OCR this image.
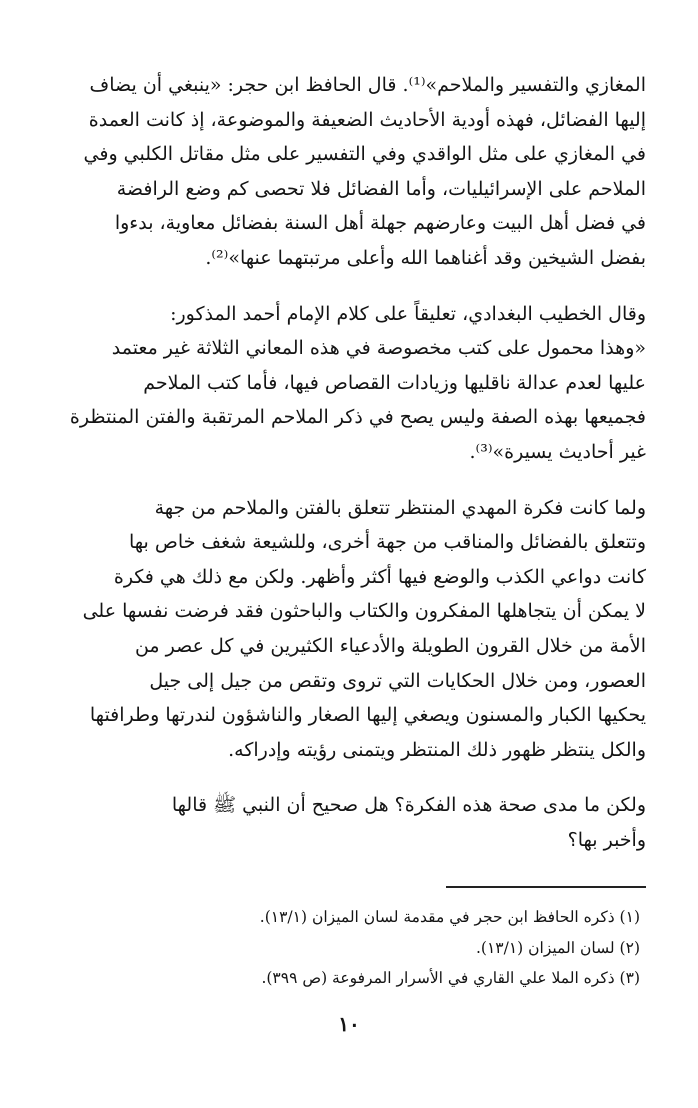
المغازي والتفسير والملاحم»⁽¹⁾. قال الحافظ ابن حجر: «ينبغي أن يضاف
إليها الفضائل، فهذه أودية الأحاديث الضعيفة والموضوعة، إذ كانت العمدة
في المغازي على مثل الواقدي وفي التفسير على مثل مقاتل الكلبي وفي
الملاحم على الإسرائيليات، وأما الفضائل فلا تحصى كم وضع الرافضة
في فضل أهل البيت وعارضهم جهلة أهل السنة بفضائل معاوية، بدءوا
بفضل الشيخين وقد أغناهما الله وأعلى مرتبتهما عنها»⁽²⁾.

وقال الخطيب البغدادي، تعليقاً على كلام الإمام أحمد المذكور:
«وهذا محمول على كتب مخصوصة في هذه المعاني الثلاثة غير معتمد
عليها لعدم عدالة ناقليها وزيادات القصاص فيها، فأما كتب الملاحم
فجميعها بهذه الصفة وليس يصح في ذكر الملاحم المرتقبة والفتن المنتظرة
غير أحاديث يسيرة»⁽³⁾.

ولما كانت فكرة المهدي المنتظر تتعلق بالفتن والملاحم من جهة
وتتعلق بالفضائل والمناقب من جهة أخرى، وللشيعة شغف خاص بها
كانت دواعي الكذب والوضع فيها أكثر وأظهر. ولكن مع ذلك هي فكرة
لا يمكن أن يتجاهلها المفكرون والكتاب والباحثون فقد فرضت نفسها على
الأمة من خلال القرون الطويلة والأدعياء الكثيرين في كل عصر من
العصور، ومن خلال الحكايات التي تروى وتقص من جيل إلى جيل
يحكيها الكبار والمسنون ويصغي إليها الصغار والناشؤون لندرتها وطرافتها
والكل ينتظر ظهور ذلك المنتظر ويتمنى رؤيته وإدراكه.

ولكن ما مدى صحة هذه الفكرة؟ هل صحيح أن النبي ﷺ قالها
وأخبر بها؟

(١) ذكره الحافظ ابن حجر في مقدمة لسان الميزان (١٣/١).

(٢) لسان الميزان (١٣/١).

(٣) ذكره الملا علي القاري في الأسرار المرفوعة (ص ٣٩٩).

١٠
